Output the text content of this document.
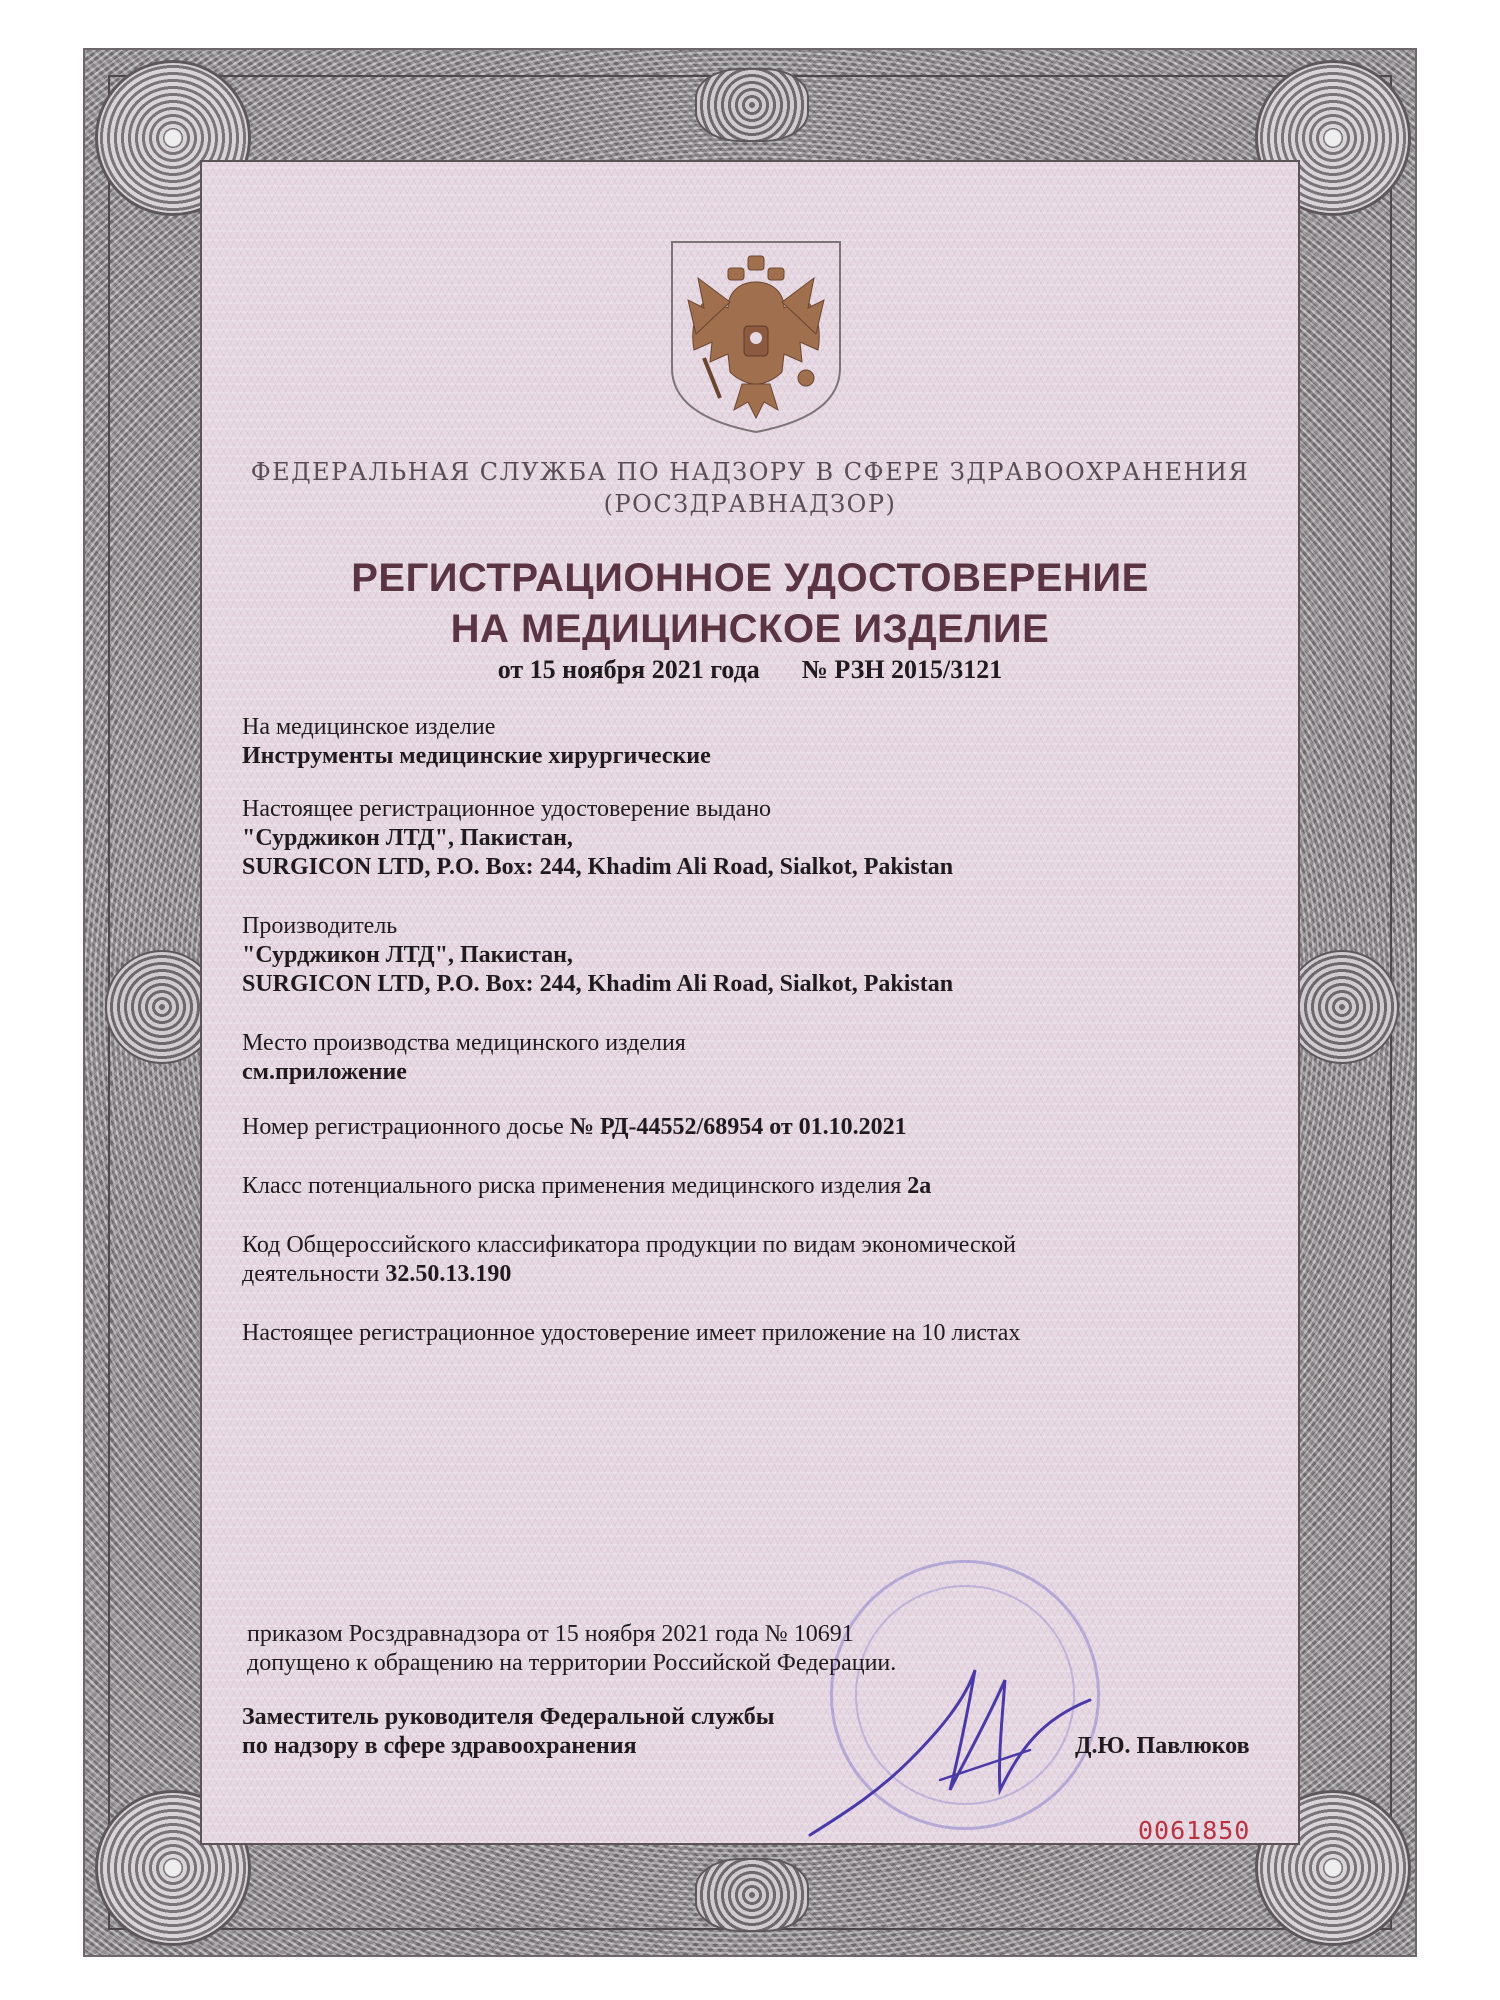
ФЕДЕРАЛЬНАЯ СЛУЖБА ПО НАДЗОРУ В СФЕРЕ ЗДРАВООХРАНЕНИЯ
(РОСЗДРАВНАДЗОР)
РЕГИСТРАЦИОННОЕ УДОСТОВЕРЕНИЕ
НА МЕДИЦИНСКОЕ ИЗДЕЛИЕ
от 15 ноября 2021 года № РЗН 2015/3121
На медицинское изделие
Инструменты медицинские хирургические
Настоящее регистрационное удостоверение выдано
"Сурджикон ЛТД", Пакистан,
SURGICON LTD, P.O. Box: 244, Khadim Ali Road, Sialkot, Pakistan
Производитель
"Сурджикон ЛТД", Пакистан,
SURGICON LTD, P.O. Box: 244, Khadim Ali Road, Sialkot, Pakistan
Место производства медицинского изделия
см.приложение
Номер регистрационного досье № РД-44552/68954 от 01.10.2021
Класс потенциального риска применения медицинского изделия 2а
Код Общероссийского классификатора продукции по видам экономической
деятельности 32.50.13.190
Настоящее регистрационное удостоверение имеет приложение на 10 листах
приказом Росздравнадзора от 15 ноября 2021 года № 10691
допущено к обращению на территории Российской Федерации.
Заместитель руководителя Федеральной службы
по надзору в сфере здравоохранения	Д.Ю. Павлюков
0061850
